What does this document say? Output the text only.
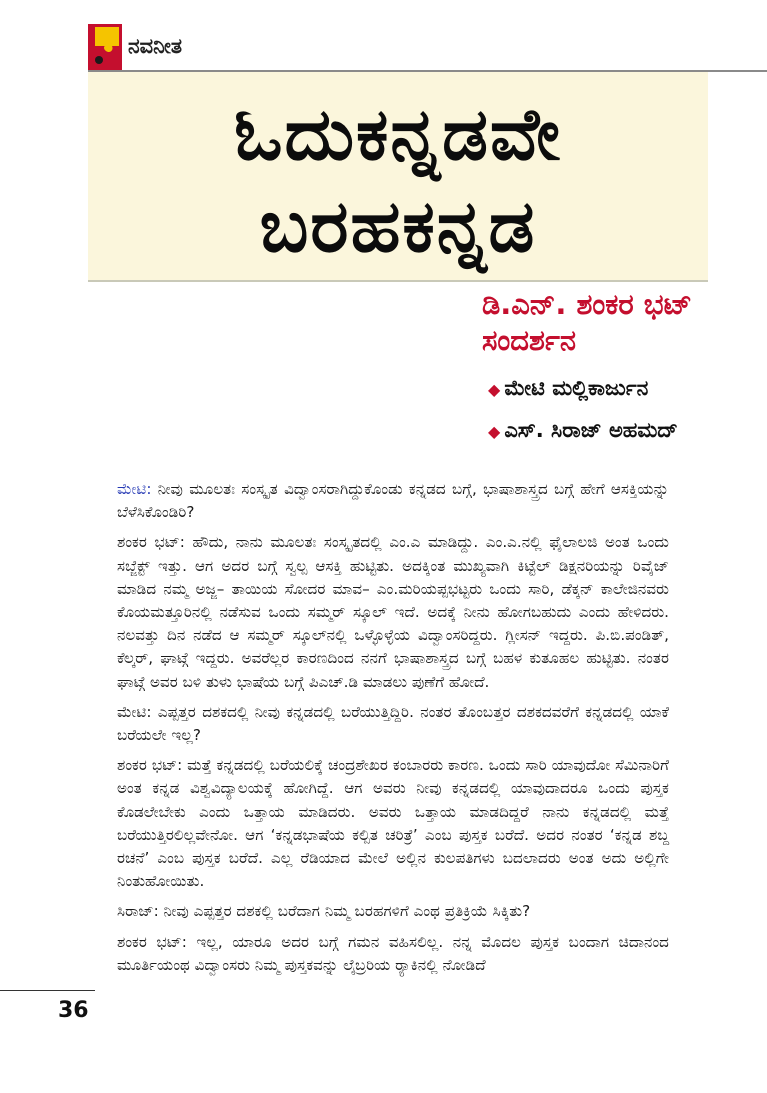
ನವನೀತ
ಓದುಕನ್ನಡವೇ
ಬರಹಕನ್ನಡ
ಡಿ.ಎನ್. ಶಂಕರ ಭಟ್
ಸಂದರ್ಶನ
◆ ಮೇಟಿ ಮಲ್ಲಿಕಾರ್ಜುನ
◆ ಎಸ್. ಸಿರಾಜ್ ಅಹಮದ್

ಮೇಟಿ: ನೀವು ಮೂಲತಃ ಸಂಸ್ಕೃತ ವಿದ್ವಾಂಸರಾಗಿದ್ದುಕೊಂಡು ಕನ್ನಡದ ಬಗ್ಗೆ, ಭಾಷಾಶಾಸ್ತ್ರದ ಬಗ್ಗೆ ಹೇಗೆ ಆಸಕ್ತಿಯನ್ನು ಬೆಳೆಸಿಕೊಂಡಿರಿ?

ಶಂಕರ ಭಟ್: ಹೌದು, ನಾನು ಮೂಲತಃ ಸಂಸ್ಕೃತದಲ್ಲಿ ಎಂ.ಎ ಮಾಡಿದ್ದು. ಎಂ.ಎ.ನಲ್ಲಿ ಫೈಲಾಲಜಿ ಅಂತ ಒಂದು ಸಬ್ಜೆಕ್ಟ್ ಇತ್ತು. ಆಗ ಅದರ ಬಗ್ಗೆ ಸ್ವಲ್ಪ ಆಸಕ್ತಿ ಹುಟ್ಟಿತು. ಅದಕ್ಕಿಂತ ಮುಖ್ಯವಾಗಿ ಕಿಟ್ಟೆಲ್ ಡಿಕ್ಷನರಿಯನ್ನು ರಿವೈಜ್ ಮಾಡಿದ ನಮ್ಮ ಅಜ್ಜ– ತಾಯಿಯ ಸೋದರ ಮಾವ– ಎಂ.ಮರಿಯಪ್ಪಭಟ್ಟರು ಒಂದು ಸಾರಿ, ಡೆಕ್ಕನ್ ಕಾಲೇಜಿನವರು ಕೊಯಮತ್ತೂರಿನಲ್ಲಿ ನಡೆಸುವ ಒಂದು ಸಮ್ಮರ್ ಸ್ಕೂಲ್ ಇದೆ. ಅದಕ್ಕೆ ನೀನು ಹೋಗಬಹುದು ಎಂದು ಹೇಳಿದರು. ನಲವತ್ತು ದಿನ ನಡೆದ ಆ ಸಮ್ಮರ್ ಸ್ಕೂಲ್‌ನಲ್ಲಿ ಒಳ್ಳೊಳ್ಳೆಯ ವಿದ್ವಾಂಸರಿದ್ದರು. ಗ್ಲೀಸನ್ ಇದ್ದರು. ಪಿ.ಬಿ.ಪಂಡಿತ್, ಕೆಲ್ಕರ್, ಘಾಟ್ಗೆ ಇದ್ದರು. ಅವರೆಲ್ಲರ ಕಾರಣದಿಂದ ನನಗೆ ಭಾಷಾಶಾಸ್ತ್ರದ ಬಗ್ಗೆ ಬಹಳ ಕುತೂಹಲ ಹುಟ್ಟಿತು. ನಂತರ ಘಾಟ್ಗೆ ಅವರ ಬಳಿ ತುಳು ಭಾಷೆಯ ಬಗ್ಗೆ ಪಿಎಚ್.ಡಿ ಮಾಡಲು ಪುಣೆಗೆ ಹೋದೆ.

ಮೇಟಿ: ಎಪ್ಪತ್ತರ ದಶಕದಲ್ಲಿ ನೀವು ಕನ್ನಡದಲ್ಲಿ ಬರೆಯುತ್ತಿದ್ದಿರಿ. ನಂತರ ತೊಂಬತ್ತರ ದಶಕದವರೆಗೆ ಕನ್ನಡದಲ್ಲಿ ಯಾಕೆ ಬರೆಯಲೇ ಇಲ್ಲ?

ಶಂಕರ ಭಟ್: ಮತ್ತೆ ಕನ್ನಡದಲ್ಲಿ ಬರೆಯಲಿಕ್ಕೆ ಚಂದ್ರಶೇಖರ ಕಂಬಾರರು ಕಾರಣ. ಒಂದು ಸಾರಿ ಯಾವುದೋ ಸೆಮಿನಾರಿಗೆ ಅಂತ ಕನ್ನಡ ವಿಶ್ವವಿದ್ಯಾಲಯಕ್ಕೆ ಹೋಗಿದ್ದೆ. ಆಗ ಅವರು ನೀವು ಕನ್ನಡದಲ್ಲಿ ಯಾವುದಾದರೂ ಒಂದು ಪುಸ್ತಕ ಕೊಡಲೇಬೇಕು ಎಂದು ಒತ್ತಾಯ ಮಾಡಿದರು. ಅವರು ಒತ್ತಾಯ ಮಾಡದಿದ್ದರೆ ನಾನು ಕನ್ನಡದಲ್ಲಿ ಮತ್ತೆ ಬರೆಯುತ್ತಿರಲಿಲ್ಲವೇನೋ. ಆಗ ‘ಕನ್ನಡಭಾಷೆಯ ಕಲ್ಪಿತ ಚರಿತ್ರೆ’ ಎಂಬ ಪುಸ್ತಕ ಬರೆದೆ. ಅದರ ನಂತರ ‘ಕನ್ನಡ ಶಬ್ದ ರಚನೆ’ ಎಂಬ ಪುಸ್ತಕ ಬರೆದೆ. ಎಲ್ಲ ರೆಡಿಯಾದ ಮೇಲೆ ಅಲ್ಲಿನ ಕುಲಪತಿಗಳು ಬದಲಾದರು ಅಂತ ಅದು ಅಲ್ಲಿಗೇ ನಿಂತುಹೋಯಿತು.

ಸಿರಾಜ್: ನೀವು ಎಪ್ಪತ್ತರ ದಶಕಲ್ಲಿ ಬರೆದಾಗ ನಿಮ್ಮ ಬರಹಗಳಿಗೆ ಎಂಥ ಪ್ರತಿಕ್ರಿಯೆ ಸಿಕ್ಕಿತು?

ಶಂಕರ ಭಟ್: ಇಲ್ಲ, ಯಾರೂ ಅದರ ಬಗ್ಗೆ ಗಮನ ವಹಿಸಲಿಲ್ಲ. ನನ್ನ ಮೊದಲ ಪುಸ್ತಕ ಬಂದಾಗ ಚಿದಾನಂದ ಮೂರ್ತಿಯಂಥ ವಿದ್ವಾಂಸರು ನಿಮ್ಮ ಪುಸ್ತಕವನ್ನು ಲೈಬ್ರರಿಯ ರ್‍ಯಾಕಿನಲ್ಲಿ ನೋಡಿದೆ

36
